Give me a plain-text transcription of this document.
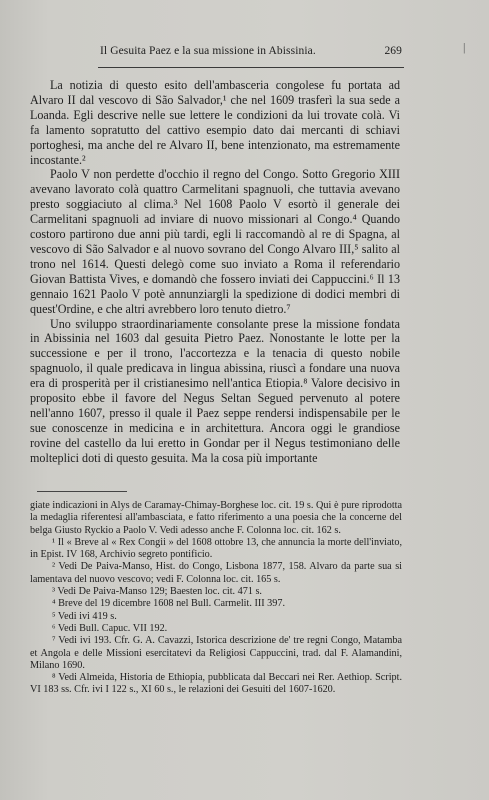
Il Gesuita Paez e la sua missione in Abissinia.	269	|

La notizia di questo esito dell'ambasceria congolese fu portata ad Alvaro II dal vescovo di São Salvador,¹ che nel 1609 trasferì la sua sede a Loanda. Egli descrive nelle sue lettere le condizioni da lui trovate colà. Vi fa lamento sopratutto del cattivo esempio dato dai mercanti di schiavi portoghesi, ma anche del re Alvaro II, bene intenzionato, ma estremamente incostante.²

Paolo V non perdette d'occhio il regno del Congo. Sotto Gregorio XIII avevano lavorato colà quattro Carmelitani spagnuoli, che tuttavia avevano presto soggiaciuto al clima.³ Nel 1608 Paolo V esortò il generale dei Carmelitani spagnuoli ad inviare di nuovo missionari al Congo.⁴ Quando costoro partirono due anni più tardi, egli li raccomandò al re di Spagna, al vescovo di São Salvador e al nuovo sovrano del Congo Alvaro III,⁵ salito al trono nel 1614. Questi delegò come suo inviato a Roma il referendario Giovan Battista Vives, e domandò che fossero inviati dei Cappuccini.⁶ Il 13 gennaio 1621 Paolo V potè annunziargli la spedizione di dodici membri di quest'Ordine, e che altri avrebbero loro tenuto dietro.⁷

Uno sviluppo straordinariamente consolante prese la missione fondata in Abissinia nel 1603 dal gesuita Pietro Paez. Nonostante le lotte per la successione e per il trono, l'accortezza e la tenacia di questo nobile spagnuolo, il quale predicava in lingua abissina, riuscì a fondare una nuova era di prosperità per il cristianesimo nell'antica Etiopia.⁸ Valore decisivo in proposito ebbe il favore del Negus Seltan Segued pervenuto al potere nell'anno 1607, presso il quale il Paez seppe rendersi indispensabile per le sue conoscenze in medicina e in architettura. Ancora oggi le grandiose rovine del castello da lui eretto in Gondar per il Negus testimoniano delle molteplici doti di questo gesuita. Ma la cosa più importante

giate indicazioni in Alys de Caramay-Chimay-Borghese loc. cit. 19 s. Qui è pure riprodotta la medaglia riferentesi all'ambasciata, e fatto riferimento a una poesia che la concerne del belga Giusto Ryckio a Paolo V. Vedi adesso anche F. Colonna loc. cit. 162 s.

¹ Il « Breve al « Rex Congii » del 1608 ottobre 13, che annuncia la morte dell'inviato, in Epist. IV 168, Archivio segreto pontificio.

² Vedi De Paiva-Manso, Hist. do Congo, Lisbona 1877, 158. Alvaro da parte sua si lamentava del nuovo vescovo; vedi F. Colonna loc. cit. 165 s.

³ Vedi De Paiva-Manso 129; Baesten loc. cit. 471 s.

⁴ Breve del 19 dicembre 1608 nel Bull. Carmelit. III 397.

⁵ Vedi ivi 419 s.

⁶ Vedi Bull. Capuc. VII 192.

⁷ Vedi ivi 193. Cfr. G. A. Cavazzi, Istorica descrizione de' tre regni Congo, Matamba et Angola e delle Missioni esercitatevi da Religiosi Cappuccini, trad. dal F. Alamandini, Milano 1690.

⁸ Vedi Almeida, Historia de Ethiopia, pubblicata dal Beccari nei Rer. Aethiop. Script. VI 183 ss. Cfr. ivi I 122 s., XI 60 s., le relazioni dei Gesuiti del 1607-1620.
